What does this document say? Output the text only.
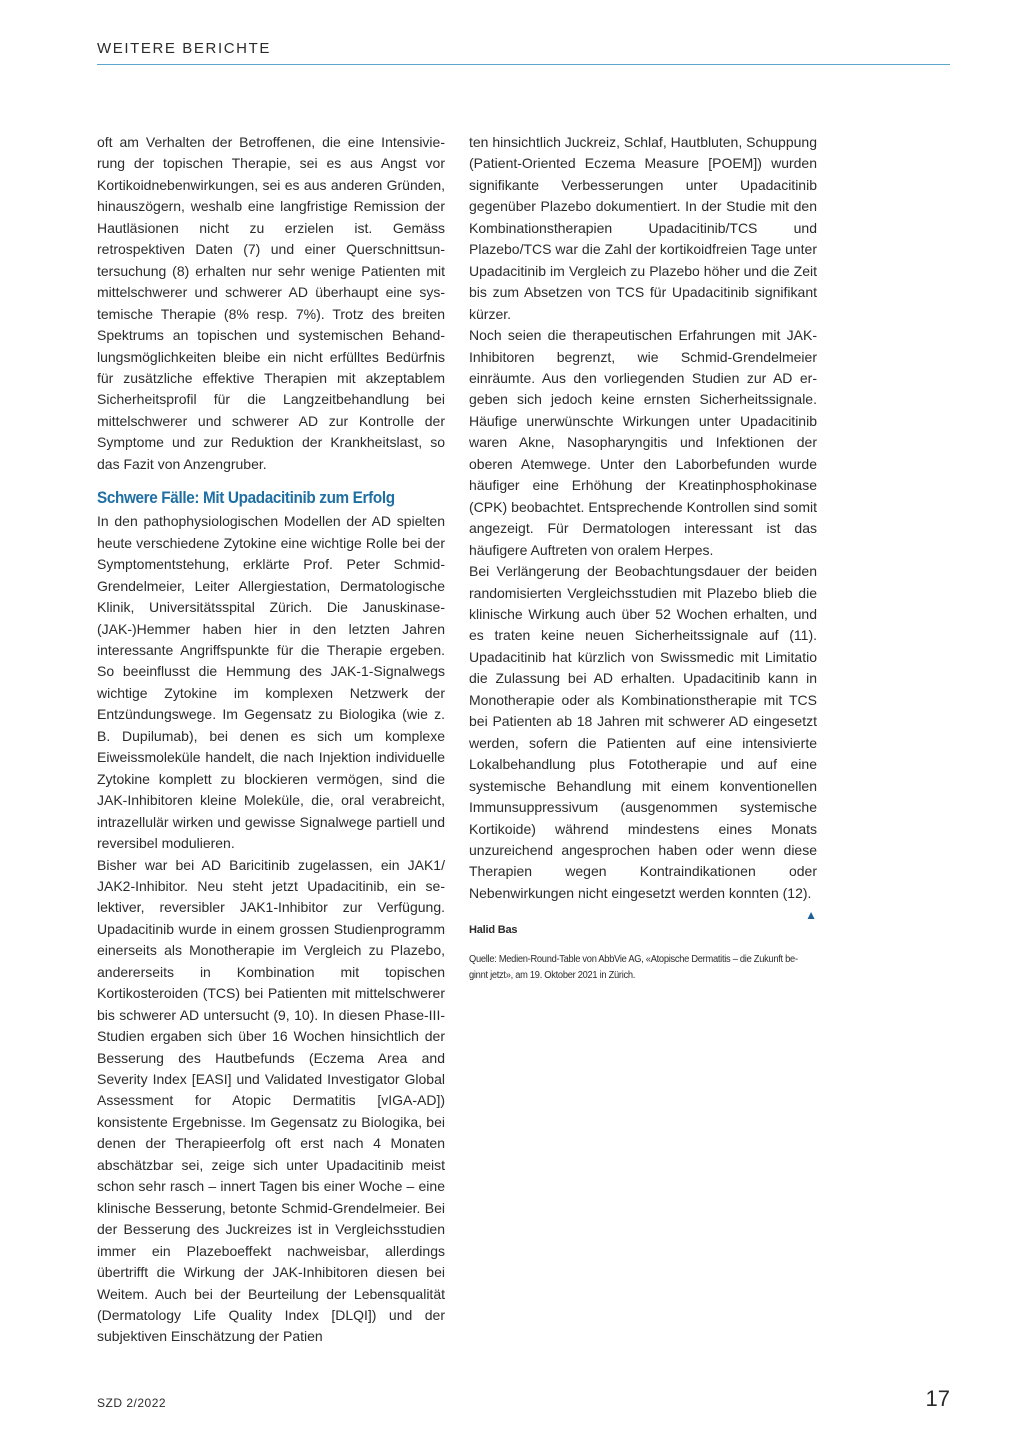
WEITERE BERICHTE

oft am Verhalten der Betroffenen, die eine Intensivierung der topischen Therapie, sei es aus Angst vor Kortikoidnebenwirkungen, sei es aus anderen Gründen, hinauszögern, weshalb eine langfristige Remission der Hautläsionen nicht zu erzielen ist. Gemäss retrospektiven Daten (7) und einer Querschnittsuntersuchung (8) erhalten nur sehr wenige Patienten mit mittelschwerer und schwerer AD überhaupt eine systemische Therapie (8% resp. 7%). Trotz des breiten Spektrums an topischen und systemischen Behandlungsmöglichkeiten bleibe ein nicht erfülltes Bedürfnis für zusätzliche effektive Therapien mit akzeptablem Sicherheitsprofil für die Langzeitbehandlung bei mittelschwerer und schwerer AD zur Kontrolle der Symptome und zur Reduktion der Krankheitslast, so das Fazit von Anzengruber.

Schwere Fälle: Mit Upadacitinib zum Erfolg

In den pathophysiologischen Modellen der AD spielten heute verschiedene Zytokine eine wichtige Rolle bei der Symptomentstehung, erklärte Prof. Peter Schmid-Grendelmeier, Leiter Allergiestation, Dermatologische Klinik, Universitätsspital Zürich. Die Januskinase-(JAK-)Hemmer haben hier in den letzten Jahren interessante Angriffspunkte für die Therapie ergeben. So beeinflusst die Hemmung des JAK-1-Signalwegs wichtige Zytokine im komplexen Netzwerk der Entzündungswege. Im Gegensatz zu Biologika (wie z. B. Dupilumab), bei denen es sich um komplexe Eiweissmoleküle handelt, die nach Injektion individuelle Zytokine komplett zu blockieren vermögen, sind die JAK-Inhibitoren kleine Moleküle, die, oral verabreicht, intrazellulär wirken und gewisse Signalwege partiell und reversibel modulieren.

Bisher war bei AD Baricitinib zugelassen, ein JAK1/ JAK2-Inhibitor. Neu steht jetzt Upadacitinib, ein selektiver, reversibler JAK1-Inhibitor zur Verfügung. Upadacitinib wurde in einem grossen Studienprogramm einerseits als Monotherapie im Vergleich zu Plazebo, andererseits in Kombination mit topischen Kortikosteroiden (TCS) bei Patienten mit mittelschwerer bis schwerer AD untersucht (9, 10). In diesen Phase-III-Studien ergaben sich über 16 Wochen hinsichtlich der Besserung des Hautbefunds (Eczema Area and Severity Index [EASI] und Validated Investigator Global Assessment for Atopic Dermatitis [vIGA-AD]) konsistente Ergebnisse. Im Gegensatz zu Biologika, bei denen der Therapieerfolg oft erst nach 4 Monaten abschätzbar sei, zeige sich unter Upadacitinib meist schon sehr rasch – innert Tagen bis einer Woche – eine klinische Besserung, betonte Schmid-Grendelmeier. Bei der Besserung des Juckreizes ist in Vergleichsstudien immer ein Plazeboeffekt nachweisbar, allerdings übertrifft die Wirkung der JAK-Inhibitoren diesen bei Weitem. Auch bei der Beurteilung der Lebensqualität (Dermatology Life Quality Index [DLQI]) und der subjektiven Einschätzung der Patien

ten hinsichtlich Juckreiz, Schlaf, Hautbluten, Schuppung (Patient-Oriented Eczema Measure [POEM]) wurden signifikante Verbesserungen unter Upadacitinib gegenüber Plazebo dokumentiert. In der Studie mit den Kombinationstherapien Upadacitinib/TCS und Plazebo/TCS war die Zahl der kortikoidfreien Tage unter Upadacitinib im Vergleich zu Plazebo höher und die Zeit bis zum Absetzen von TCS für Upadacitinib signifikant kürzer.

Noch seien die therapeutischen Erfahrungen mit JAK-Inhibitoren begrenzt, wie Schmid-Grendelmeier einräumte. Aus den vorliegenden Studien zur AD ergeben sich jedoch keine ernsten Sicherheitssignale. Häufige unerwünschte Wirkungen unter Upadacitinib waren Akne, Nasopharyngitis und Infektionen der oberen Atemwege. Unter den Laborbefunden wurde häufiger eine Erhöhung der Kreatinphosphokinase (CPK) beobachtet. Entsprechende Kontrollen sind somit angezeigt. Für Dermatologen interessant ist das häufigere Auftreten von oralem Herpes.

Bei Verlängerung der Beobachtungsdauer der beiden randomisierten Vergleichsstudien mit Plazebo blieb die klinische Wirkung auch über 52 Wochen erhalten, und es traten keine neuen Sicherheitssignale auf (11). Upadacitinib hat kürzlich von Swissmedic mit Limitatio die Zulassung bei AD erhalten. Upadacitinib kann in Monotherapie oder als Kombinationstherapie mit TCS bei Patienten ab 18 Jahren mit schwerer AD eingesetzt werden, sofern die Patienten auf eine intensivierte Lokalbehandlung plus Fototherapie und auf eine systemische Behandlung mit einem konventionellen Immunsuppressivum (ausgenommen systemische Kortikoide) während mindestens eines Monats unzureichend angesprochen haben oder wenn diese Therapien wegen Kontraindikationen oder Nebenwirkungen nicht eingesetzt werden konnten (12).
▲

Halid Bas

Quelle: Medien-Round-Table von AbbVie AG, «Atopische Dermatitis – die Zukunft beginnt jetzt», am 19. Oktober 2021 in Zürich.

SZD 2/2022	17
